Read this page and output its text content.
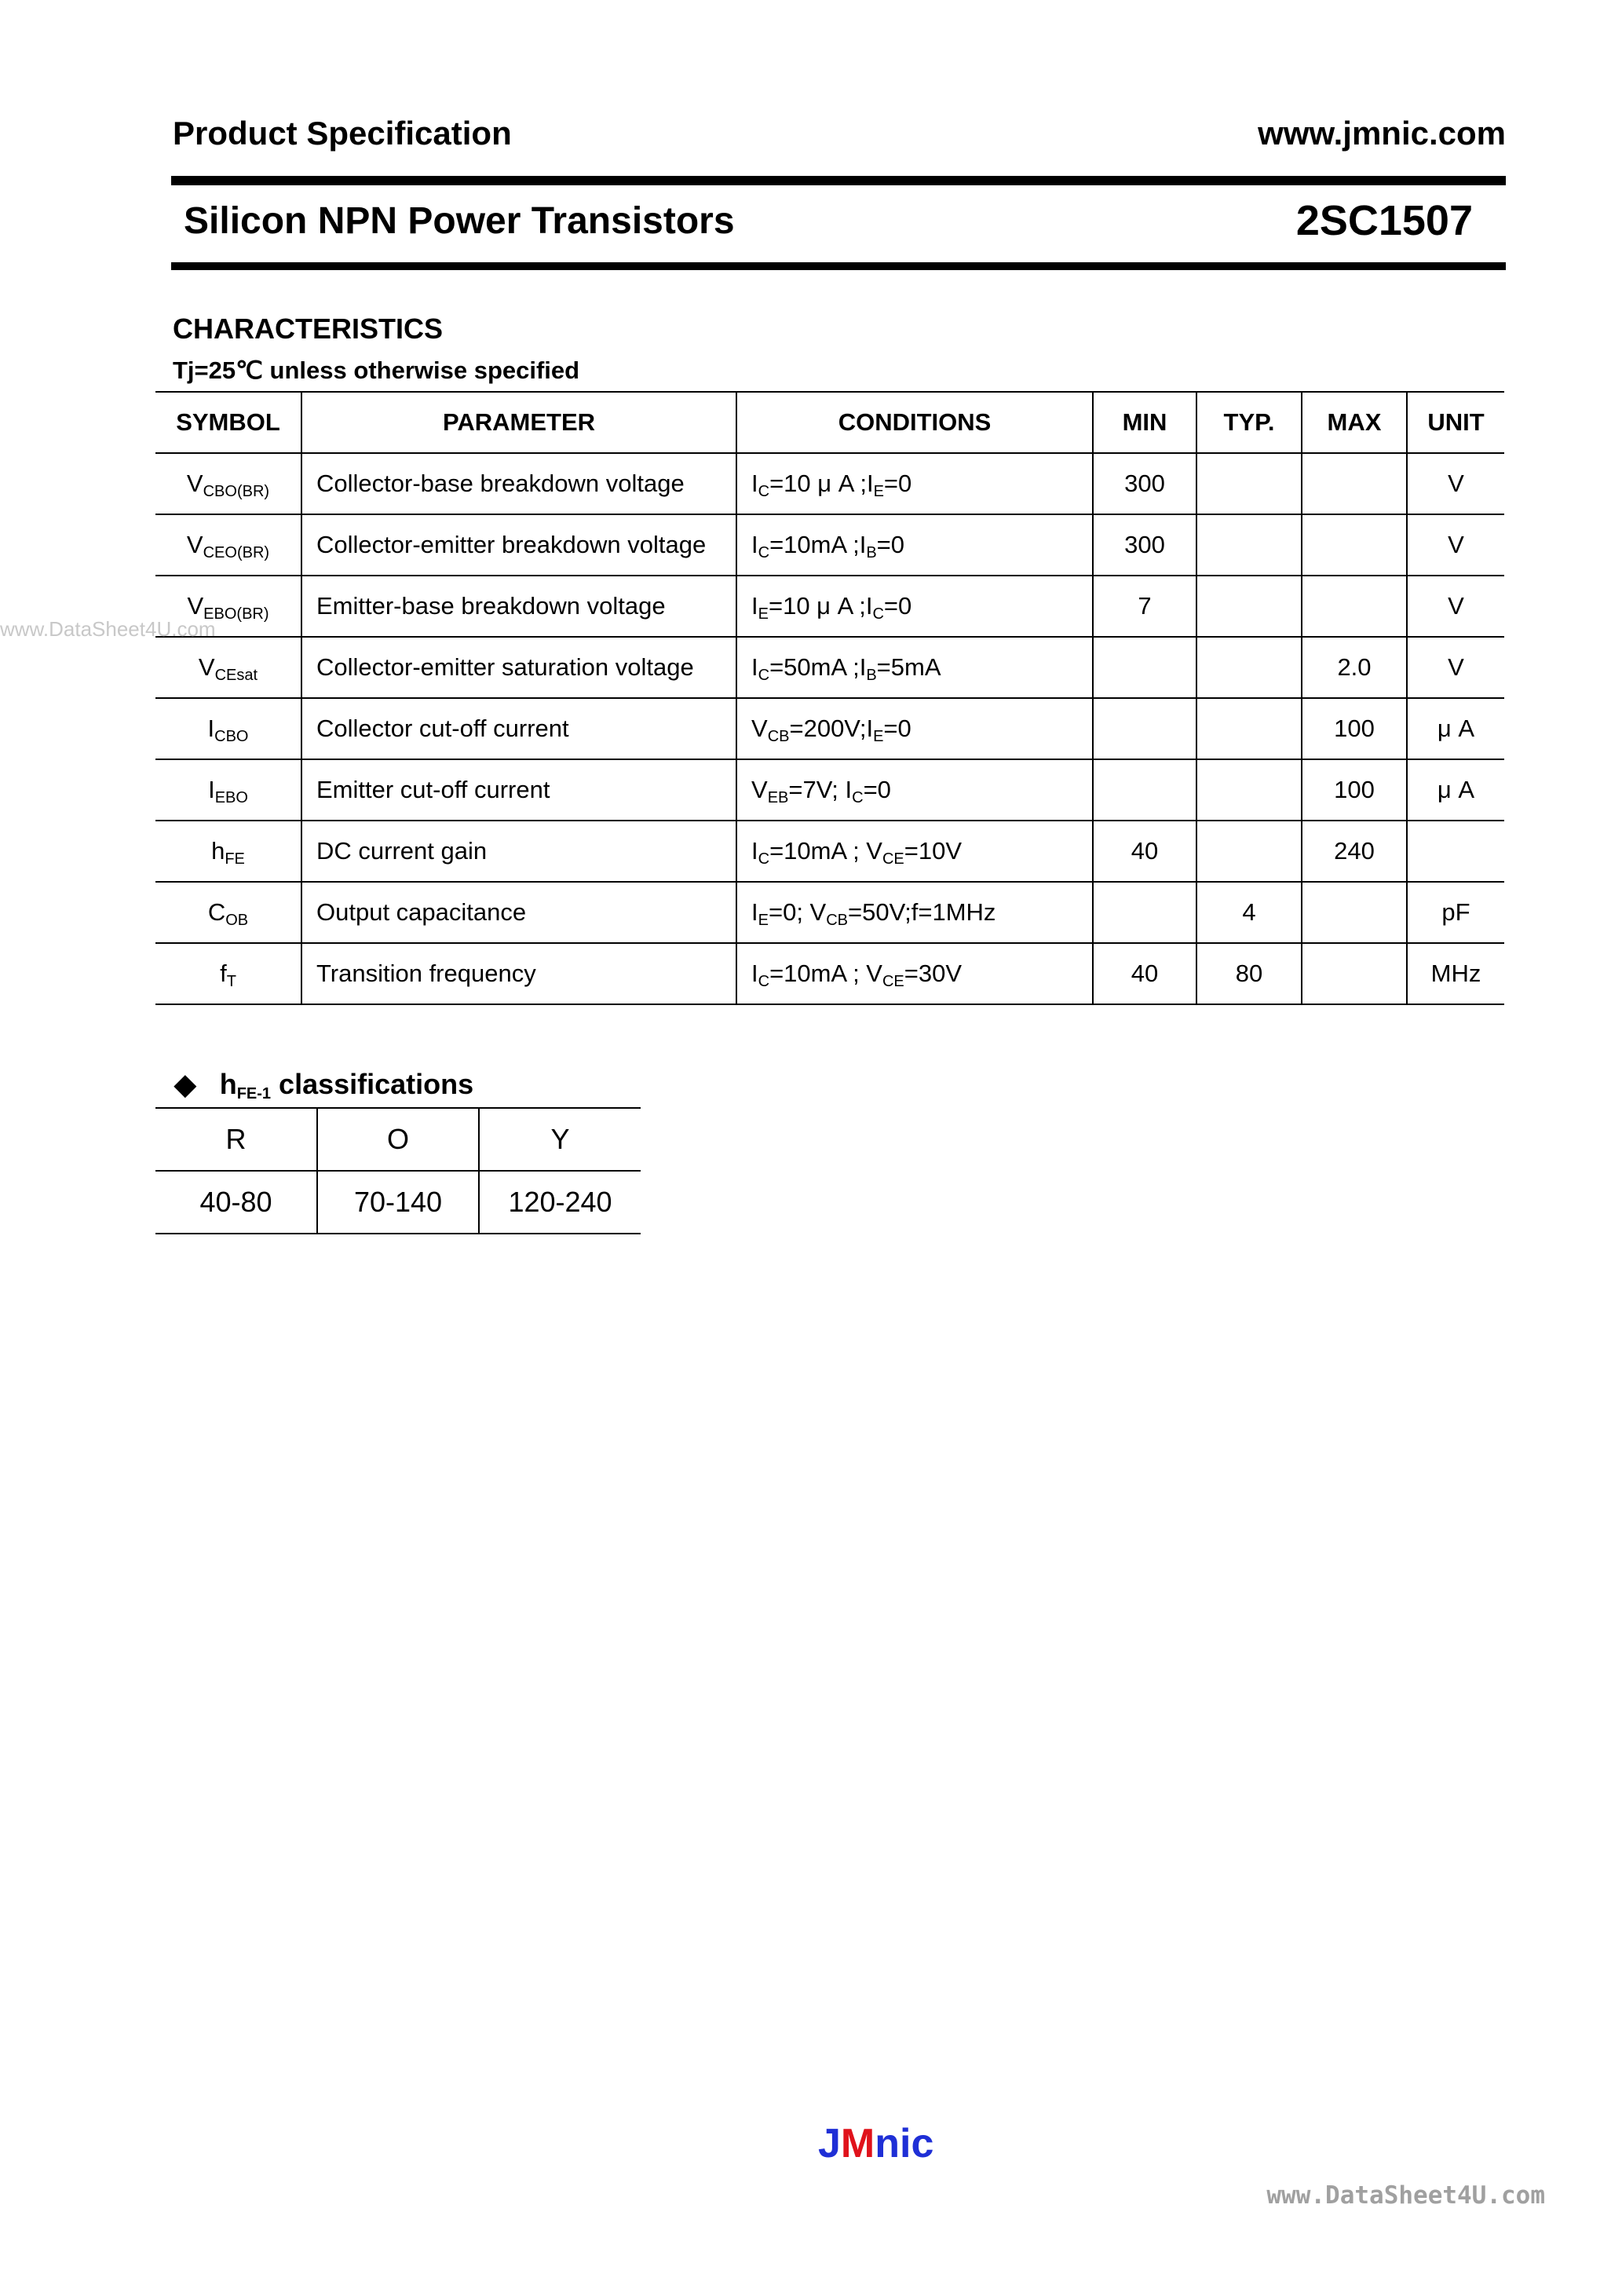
Product Specification	www.jmnic.com
Silicon NPN Power Transistors	2SC1507
CHARACTERISTICS
Tj=25℃ unless otherwise specified
SYMBOL	PARAMETER	CONDITIONS	MIN	TYP.	MAX	UNIT
$V_{CBO(BR)}$	Collector-base breakdown voltage	$I_C=10$ μ A $;I_E=0$	300			V
$V_{CEO(BR)}$	Collector-emitter breakdown voltage	$I_C=10mA$ $;I_B=0$	300			V
$V_{EBO(BR)}$	Emitter-base breakdown voltage	$I_E=10$ μ A $;I_C=0$	7			V
$V_{CEsat}$	Collector-emitter saturation voltage	$I_C=50mA$ $;I_B=5mA$			2.0	V
$I_{CBO}$	Collector cut-off current	$V_{CB}=200V;I_E=0$			100	μ A
$I_{EBO}$	Emitter cut-off current	$V_{EB}=7V$; $I_C=0$			100	μ A
$h_{FE}$	DC current gain	$I_C=10mA$ ; $V_{CE}=10V$	40		240	
$C_{OB}$	Output capacitance	$I_E=0$; $V_{CB}=50V;f=1MHz$		4		pF
$f_T$	Transition frequency	$I_C=10mA$ ; $V_{CE}=30V$	40	80		MHz
◆ $h_{FE-1}$ classifications
R	O	Y
40-80	70-140	120-240
www.DataSheet4U.com
JMnic
www.DataSheet4U.com
